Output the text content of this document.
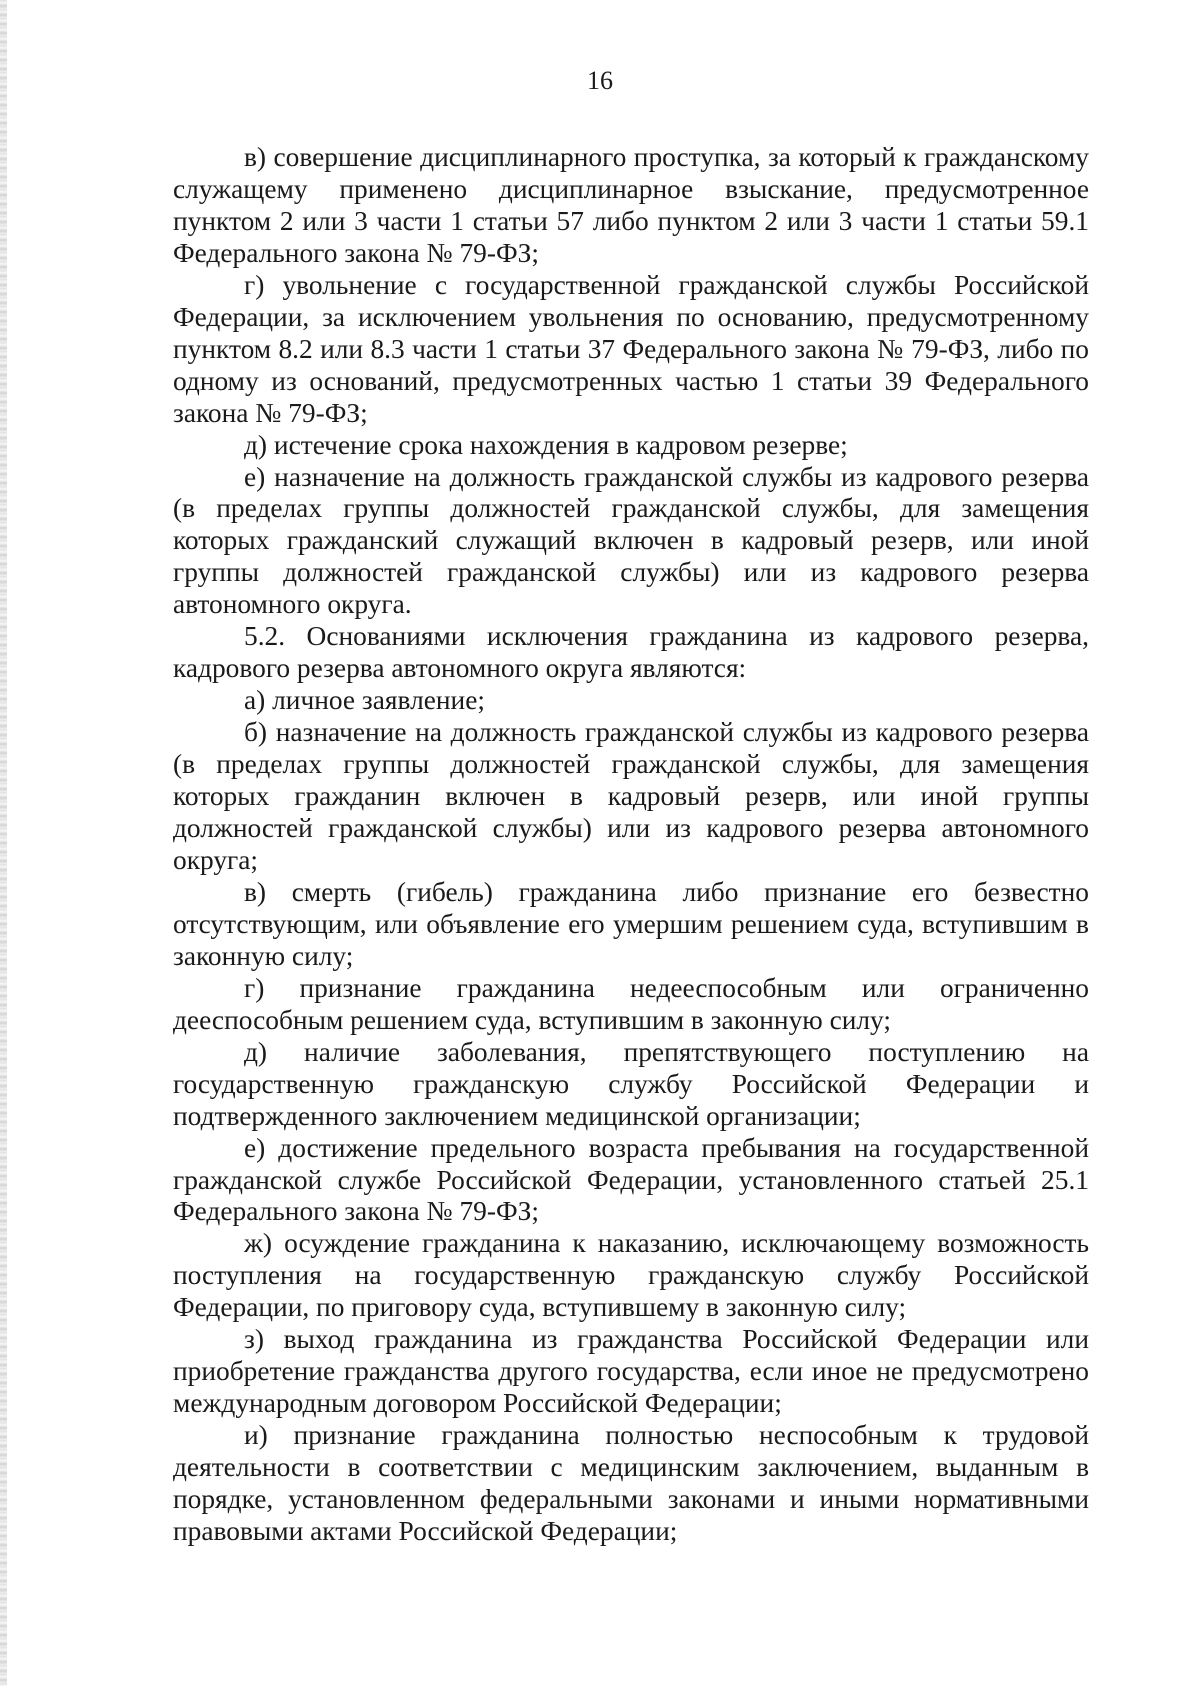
16

в) совершение дисциплинарного проступка, за который к гражданскому служащему применено дисциплинарное взыскание, предусмотренное пунктом 2 или 3 части 1 статьи 57 либо пунктом 2 или 3 части 1 статьи 59.1 Федерального закона № 79-ФЗ;

г) увольнение с государственной гражданской службы Российской Федерации, за исключением увольнения по основанию, предусмотренному пунктом 8.2 или 8.3 части 1 статьи 37 Федерального закона № 79-ФЗ, либо по одному из оснований, предусмотренных частью 1 статьи 39 Федерального закона № 79-ФЗ;

д) истечение срока нахождения в кадровом резерве;

е) назначение на должность гражданской службы из кадрового резерва (в пределах группы должностей гражданской службы, для замещения которых гражданский служащий включен в кадровый резерв, или иной группы должностей гражданской службы) или из кадрового резерва автономного округа.

5.2. Основаниями исключения гражданина из кадрового резерва, кадрового резерва автономного округа являются:

а) личное заявление;

б) назначение на должность гражданской службы из кадрового резерва (в пределах группы должностей гражданской службы, для замещения которых гражданин включен в кадровый резерв, или иной группы должностей гражданской службы) или из кадрового резерва автономного округа;

в) смерть (гибель) гражданина либо признание его безвестно отсутствующим, или объявление его умершим решением суда, вступившим в законную силу;

г) признание гражданина недееспособным или ограниченно дееспособным решением суда, вступившим в законную силу;

д) наличие заболевания, препятствующего поступлению на государственную гражданскую службу Российской Федерации и подтвержденного заключением медицинской организации;

е) достижение предельного возраста пребывания на государственной гражданской службе Российской Федерации, установленного статьей 25.1 Федерального закона № 79-ФЗ;

ж) осуждение гражданина к наказанию, исключающему возможность поступления на государственную гражданскую службу Российской Федерации, по приговору суда, вступившему в законную силу;

з) выход гражданина из гражданства Российской Федерации или приобретение гражданства другого государства, если иное не предусмотрено международным договором Российской Федерации;

и) признание гражданина полностью неспособным к трудовой деятельности в соответствии с медицинским заключением, выданным в порядке, установленном федеральными законами и иными нормативными правовыми актами Российской Федерации;
